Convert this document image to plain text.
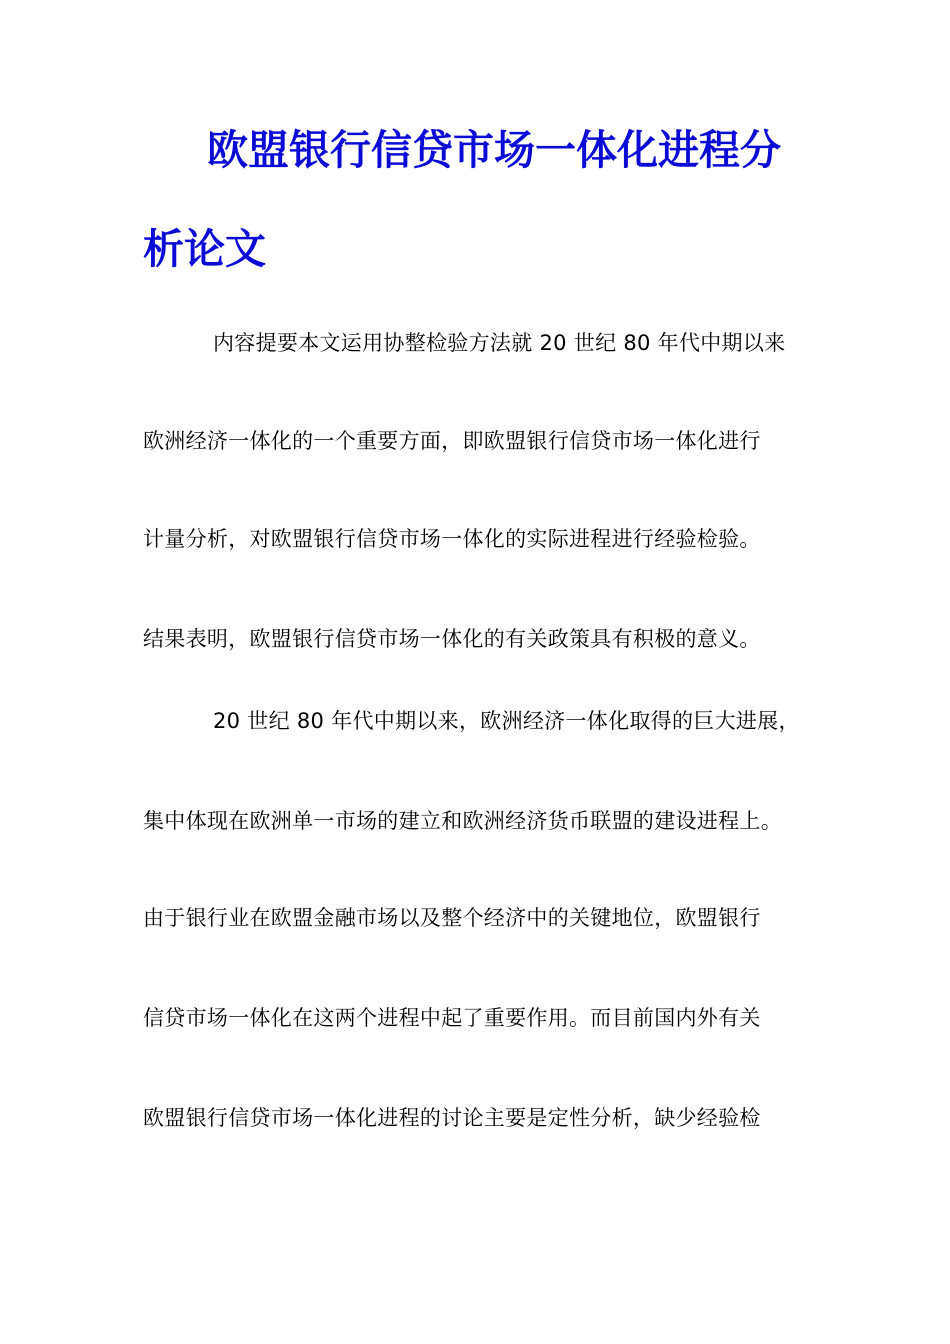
欧盟银行信贷市场一体化进程分
析论文
内容提要本文运用协整检验方法就 20 世纪 80 年代中期以来
欧洲经济一体化的一个重要方面，即欧盟银行信贷市场一体化进行
计量分析，对欧盟银行信贷市场一体化的实际进程进行经验检验。
结果表明，欧盟银行信贷市场一体化的有关政策具有积极的意义。
20 世纪 80 年代中期以来，欧洲经济一体化取得的巨大进展，
集中体现在欧洲单一市场的建立和欧洲经济货币联盟的建设进程上。
由于银行业在欧盟金融市场以及整个经济中的关键地位，欧盟银行
信贷市场一体化在这两个进程中起了重要作用。而目前国内外有关
欧盟银行信贷市场一体化进程的讨论主要是定性分析，缺少经验检
